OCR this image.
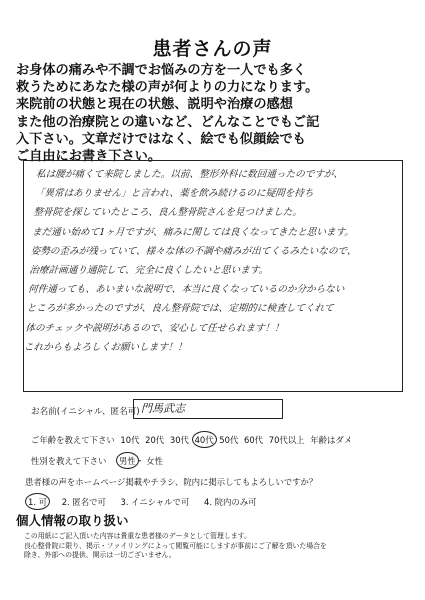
患者さんの声
お身体の痛みや不調でお悩みの方を一人でも多く
救うためにあなた様の声が何よりの力になります。
来院前の状態と現在の状態、説明や治療の感想
また他の治療院との違いなど、どんなことでもご記
入下さい。文章だけではなく、絵でも似顔絵でも
ご自由にお書き下さい。
私は腰が痛くて来院しました。以前、整形外科に数回通ったのですが、
「異常はありません」と言われ、薬を飲み続けるのに疑問を持ち
整骨院を探していたところ、良ん整骨院さんを見つけました。
まだ通い始めて1ヶ月ですが、痛みに関しては良くなってきたと思います。
姿勢の歪みが残っていて、様々な体の不調や痛みが出てくるみたいなので、
治療計画通り通院して、完全に良くしたいと思います。
何件通っても、あいまいな説明で、本当に良くなっているのか分からない
ところが多かったのですが、良ん整骨院では、定期的に検査してくれて
体のチェックや説明があるので、安心して任せられます！！
これからもよろしくお願いします！！
お名前(イニシャル、匿名可) 門馬武志
ご年齢を教えて下さい 10代 20代 30代 40代 50代 60代 70代以上 年齢はダメ
性別を教えて下さい 男性・ 女性
患者様の声をホームページ掲載やチラシ、院内に掲示してもよろしいですか？
1. 可 2. 匿名で可 3. イニシャルで可 4. 院内のみ可
個人情報の取り扱い
この用紙にご記入頂いた内容は貴重な患者様のデータとして管理します。
良心整骨院に限り、掲示・ファイリングによって閲覧可能にしますが事前にご了解を頂いた場合を
除き、外部への提供、開示は一切ございません。
